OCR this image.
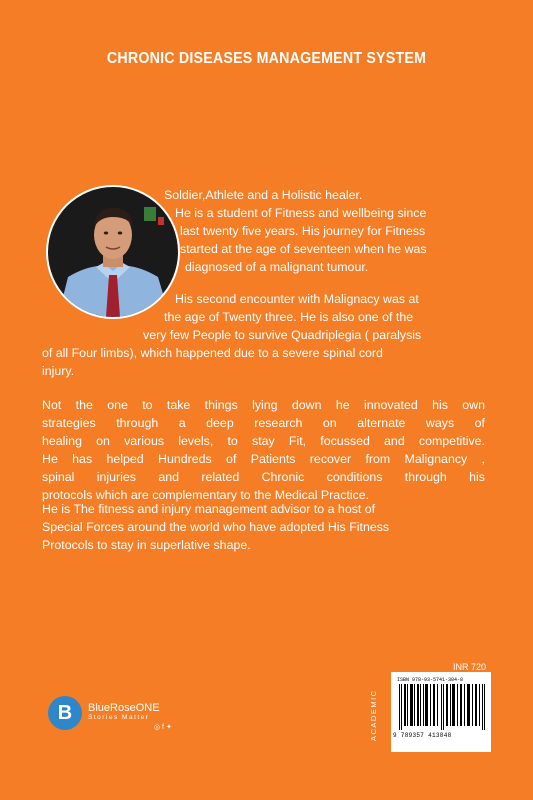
CHRONIC DISEASES MANAGEMENT SYSTEM
Soldier,Athlete and a Holistic healer.
He is a student of Fitness and wellbeing since
last twenty five years. His journey for Fitness
started at the age of seventeen when he was
diagnosed of a malignant tumour.
His second encounter with Malignacy was at
the age of Twenty three. He is also one of the
very few People to survive Quadriplegia ( paralysis
of all Four limbs), which happened due to a severe spinal cord
injury.
Not the one to take things lying down he innovated his own
strategies through a deep research on alternate ways of
healing on various levels, to stay Fit, focussed and competitive.
He has helped Hundreds of Patients recover from Malignancy ,
spinal injuries and related Chronic conditions through his
protocols which are complementary to the Medical Practice.
He is The fitness and injury management advisor to a host of
Special Forces around the world who have adopted His Fitness
Protocols to stay in superlative shape.
B	BlueRoseONE
Stories Matter
◎ f ✦
INR 720
ACADEMIC
ISBN 978-93-5741-384-8
9 789357 413848
www.BlueRoseOne.com
